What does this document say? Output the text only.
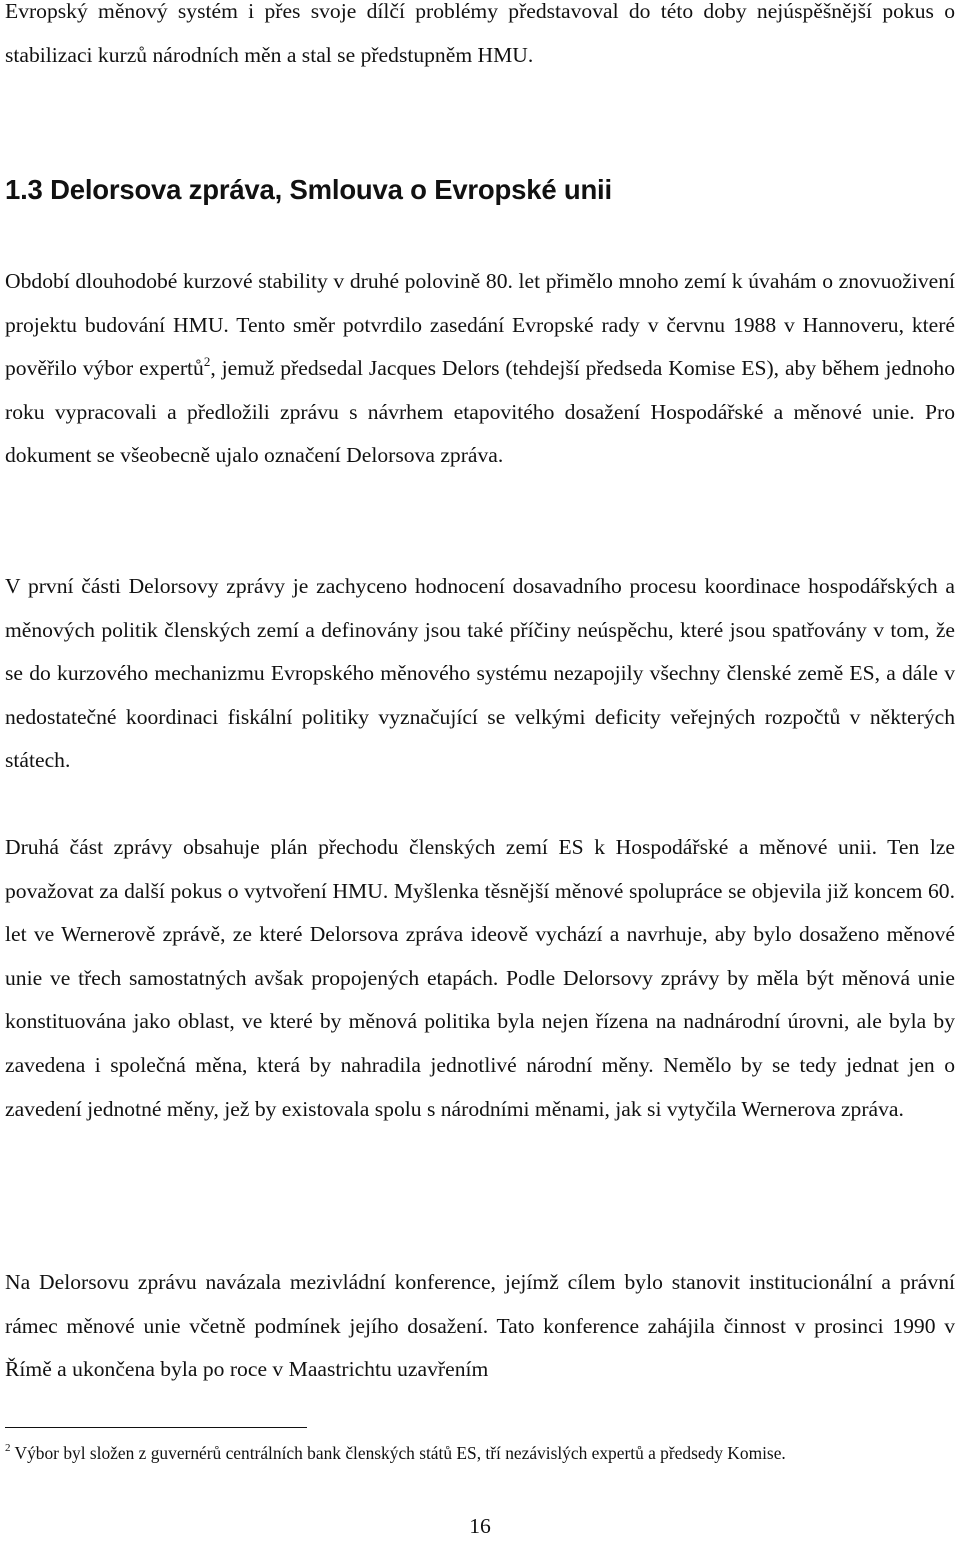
Evropský měnový systém i přes svoje dílčí problémy představoval do této doby nejúspěšnější pokus o stabilizaci kurzů národních měn a stal se předstupněm HMU.

1.3 Delorsova zpráva, Smlouva o Evropské unii

Období dlouhodobé kurzové stability v druhé polovině 80. let přimělo mnoho zemí k úvahám o znovuoživení projektu budování HMU. Tento směr potvrdilo zasedání Evropské rady v červnu 1988 v Hannoveru, které pověřilo výbor expertů$^2$, jemuž předsedal Jacques Delors (tehdejší předseda Komise ES), aby během jednoho roku vypracovali a předložili zprávu s návrhem etapovitého dosažení Hospodářské a měnové unie. Pro dokument se všeobecně ujalo označení Delorsova zpráva.

V první části Delorsovy zprávy je zachyceno hodnocení dosavadního procesu koordinace hospodářských a měnových politik členských zemí a definovány jsou také příčiny neúspěchu, které jsou spatřovány v tom, že se do kurzového mechanizmu Evropského měnového systému nezapojily všechny členské země ES, a dále v nedostatečné koordinaci fiskální politiky vyznačující se velkými deficity veřejných rozpočtů v některých státech.

Druhá část zprávy obsahuje plán přechodu členských zemí ES k Hospodářské a měnové unii. Ten lze považovat za další pokus o vytvoření HMU. Myšlenka těsnější měnové spolupráce se objevila již koncem 60. let ve Wernerově zprávě, ze které Delorsova zpráva ideově vychází a navrhuje, aby bylo dosaženo měnové unie ve třech samostatných avšak propojených etapách. Podle Delorsovy zprávy by měla být měnová unie konstituována jako oblast, ve které by měnová politika byla nejen řízena na nadnárodní úrovni, ale byla by zavedena i společná měna, která by nahradila jednotlivé národní měny. Nemělo by se tedy jednat jen o zavedení jednotné měny, jež by existovala spolu s národními měnami, jak si vytyčila Wernerova zpráva.

Na Delorsovu zprávu navázala mezivládní konference, jejímž cílem bylo stanovit institucionální a právní rámec měnové unie včetně podmínek jejího dosažení. Tato konference zahájila činnost v prosinci 1990 v Římě a ukončena byla po roce v Maastrichtu uzavřením

$^2$ Výbor byl složen z guvernérů centrálních bank členských států ES, tří nezávislých expertů a předsedy Komise.

16
